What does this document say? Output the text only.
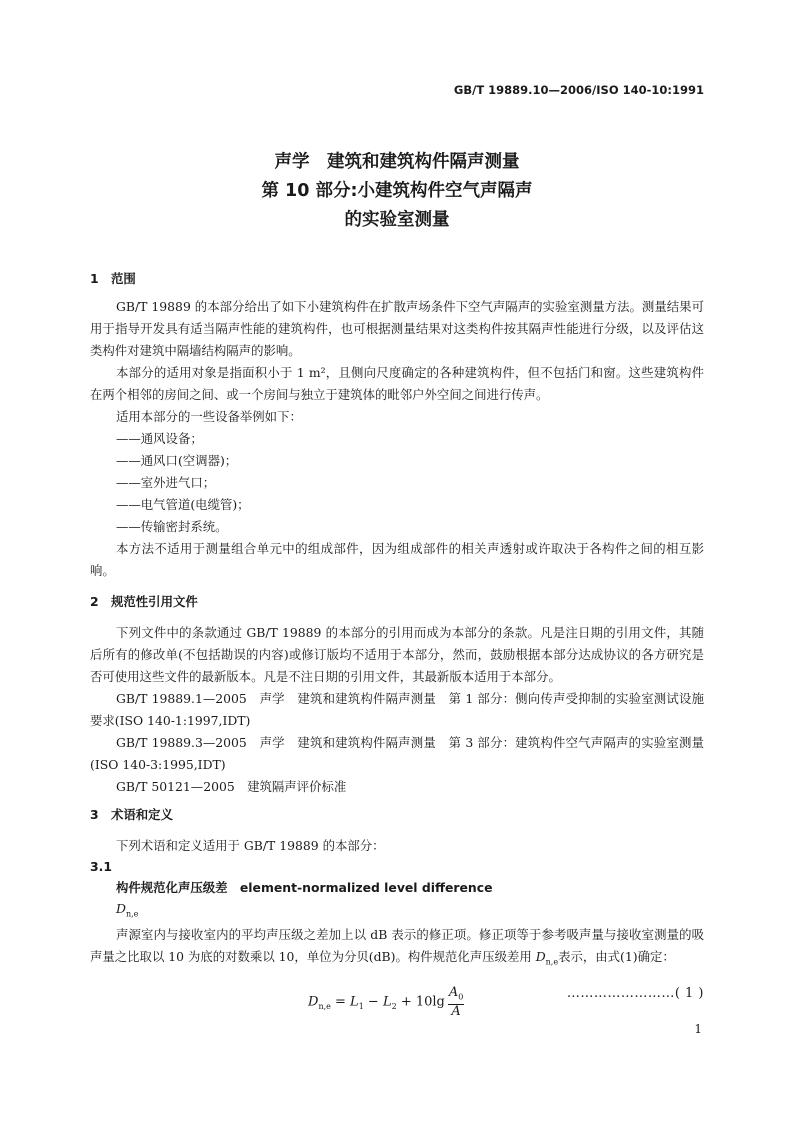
GB/T 19889.10—2006/ISO 140-10:1991
声学　建筑和建筑构件隔声测量
第 10 部分:小建筑构件空气声隔声
的实验室测量
1　范围

GB/T 19889 的本部分给出了如下小建筑构件在扩散声场条件下空气声隔声的实验室测量方法。测量结果可用于指导开发具有适当隔声性能的建筑构件，也可根据测量结果对这类构件按其隔声性能进行分级，以及评估这类构件对建筑中隔墙结构隔声的影响。

本部分的适用对象是指面积小于 1 m²，且侧向尺度确定的各种建筑构件，但不包括门和窗。这些建筑构件在两个相邻的房间之间、或一个房间与独立于建筑体的毗邻户外空间之间进行传声。

适用本部分的一些设备举例如下：

——通风设备；
——通风口(空调器)；
——室外进气口；
——电气管道(电缆管)；
——传输密封系统。

本方法不适用于测量组合单元中的组成部件，因为组成部件的相关声透射或许取决于各构件之间的相互影响。

2　规范性引用文件

下列文件中的条款通过 GB/T 19889 的本部分的引用而成为本部分的条款。凡是注日期的引用文件，其随后所有的修改单(不包括勘误的内容)或修订版均不适用于本部分，然而，鼓励根据本部分达成协议的各方研究是否可使用这些文件的最新版本。凡是不注日期的引用文件，其最新版本适用于本部分。

GB/T 19889.1—2005　声学　建筑和建筑构件隔声测量　第 1 部分：侧向传声受抑制的实验室测试设施要求(ISO 140-1:1997,IDT)

GB/T 19889.3—2005　声学　建筑和建筑构件隔声测量　第 3 部分：建筑构件空气声隔声的实验室测量(ISO 140-3:1995,IDT)

GB/T 50121—2005　建筑隔声评价标准

3　术语和定义

下列术语和定义适用于 GB/T 19889 的本部分：

3.1
构件规范化声压级差　element-normalized level difference
$D_{n,e}$

声源室内与接收室内的平均声压级之差加上以 dB 表示的修正项。修正项等于参考吸声量与接收室测量的吸声量之比取以 10 为底的对数乘以 10，单位为分贝(dB)。构件规范化声压级差用 $D_{n,e}$表示，由式(1)确定：

$D_{n,e} = L_1 - L_2 + 10\lg \frac{A_0}{A}$	……………………( 1 )
1
